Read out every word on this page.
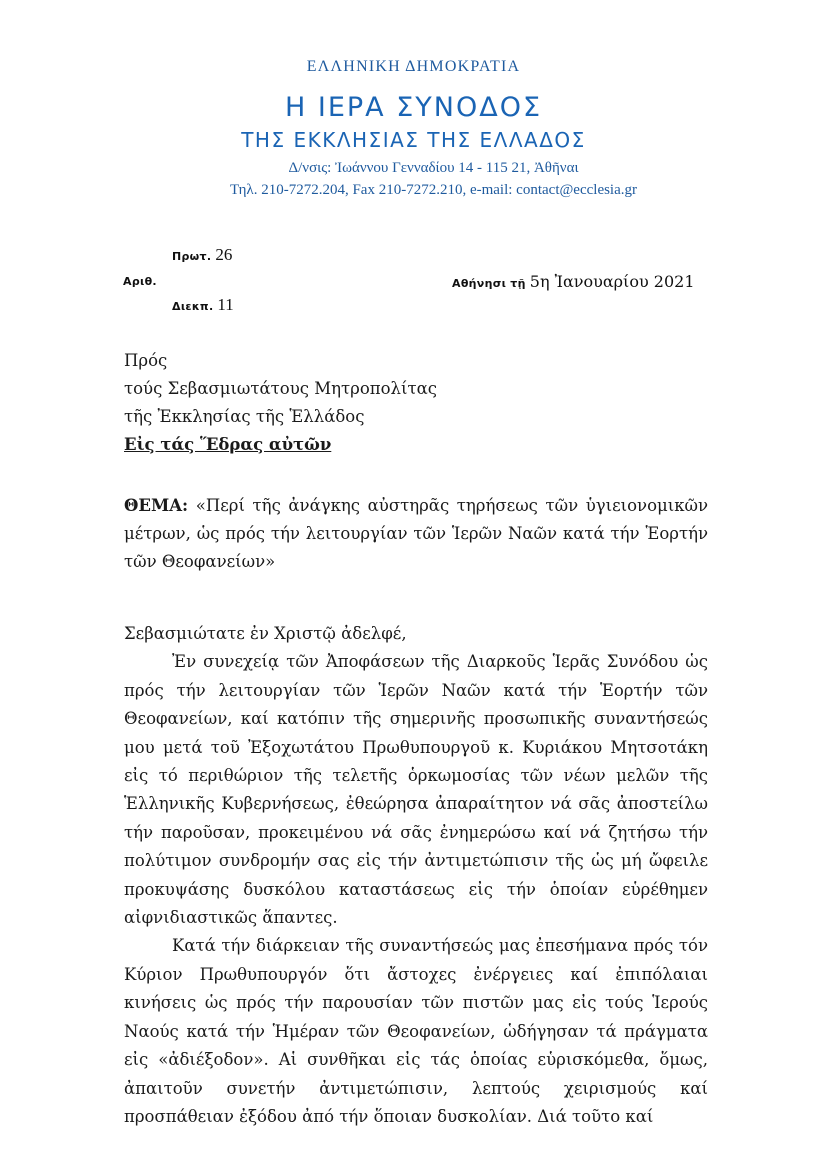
ΕΛΛΗΝΙΚΗ ΔΗΜΟΚΡΑΤΙΑ
Η ΙΕΡΑ ΣΥΝΟΔΟΣ
ΤΗΣ ΕΚΚΛΗΣΙΑΣ ΤΗΣ ΕΛΛΑΔΟΣ
Δ/νσις: Ἰωάννου Γενναδίου 14 - 115 21, Ἀθῆναι
Τηλ. 210-7272.204, Fax 210-7272.210, e-mail: contact@ecclesia.gr
Πρωτ. 26
Αριθ.
Διεκπ. 11
Αθήνησι τῇ 5η Ἰανουαρίου 2021
Πρός
τούς Σεβασμιωτάτους Μητροπολίτας
τῆς Ἐκκλησίας τῆς Ἑλλάδος
Εἰς τάς Ἕδρας αὐτῶν
ΘΕΜΑ: «Περί τῆς ἀνάγκης αὐστηρᾶς τηρήσεως τῶν ὑγιειονομικῶν μέτρων, ὡς πρός τήν λειτουργίαν τῶν Ἱερῶν Ναῶν κατά τήν Ἑορτήν τῶν Θεοφανείων»

Σεβασμιώτατε ἐν Χριστῷ ἀδελφέ,

Ἐν συνεχείᾳ τῶν Ἀποφάσεων τῆς Διαρκοῦς Ἱερᾶς Συνόδου ὡς πρός τήν λειτουργίαν τῶν Ἱερῶν Ναῶν κατά τήν Ἑορτήν τῶν Θεοφανείων, καί κατόπιν τῆς σημερινῆς προσωπικῆς συναντήσεώς μου μετά τοῦ Ἐξοχωτάτου Πρωθυπουργοῦ κ. Κυριάκου Μητσοτάκη εἰς τό περιθώριον τῆς τελετῆς ὁρκωμοσίας τῶν νέων μελῶν τῆς Ἑλληνικῆς Κυβερνήσεως, ἐθεώρησα ἀπαραίτητον νά σᾶς ἀποστείλω τήν παροῦσαν, προκειμένου νά σᾶς ἐνημερώσω καί νά ζητήσω τήν πολύτιμον συνδρομήν σας εἰς τήν ἀντιμετώπισιν τῆς ὡς μή ὤφειλε προκυψάσης δυσκόλου καταστάσεως εἰς τήν ὁποίαν εὑρέθημεν αἰφνιδιαστικῶς ἅπαντες.

Κατά τήν διάρκειαν τῆς συναντήσεώς μας ἐπεσήμανα πρός τόν Κύριον Πρωθυπουργόν ὅτι ἄστοχες ἐνέργειες καί ἐπιπόλαιαι κινήσεις ὡς πρός τήν παρουσίαν τῶν πιστῶν μας εἰς τούς Ἱερούς Ναούς κατά τήν Ἡμέραν τῶν Θεοφανείων, ὡδήγησαν τά πράγματα εἰς «ἀδιέξοδον». Αἱ συνθῆκαι εἰς τάς ὁποίας εὑρισκόμεθα, ὅμως, ἀπαιτοῦν συνετήν ἀντιμετώπισιν, λεπτούς χειρισμούς καί προσπάθειαν ἐξόδου ἀπό τήν ὅποιαν δυσκολίαν. Διά τοῦτο καί
